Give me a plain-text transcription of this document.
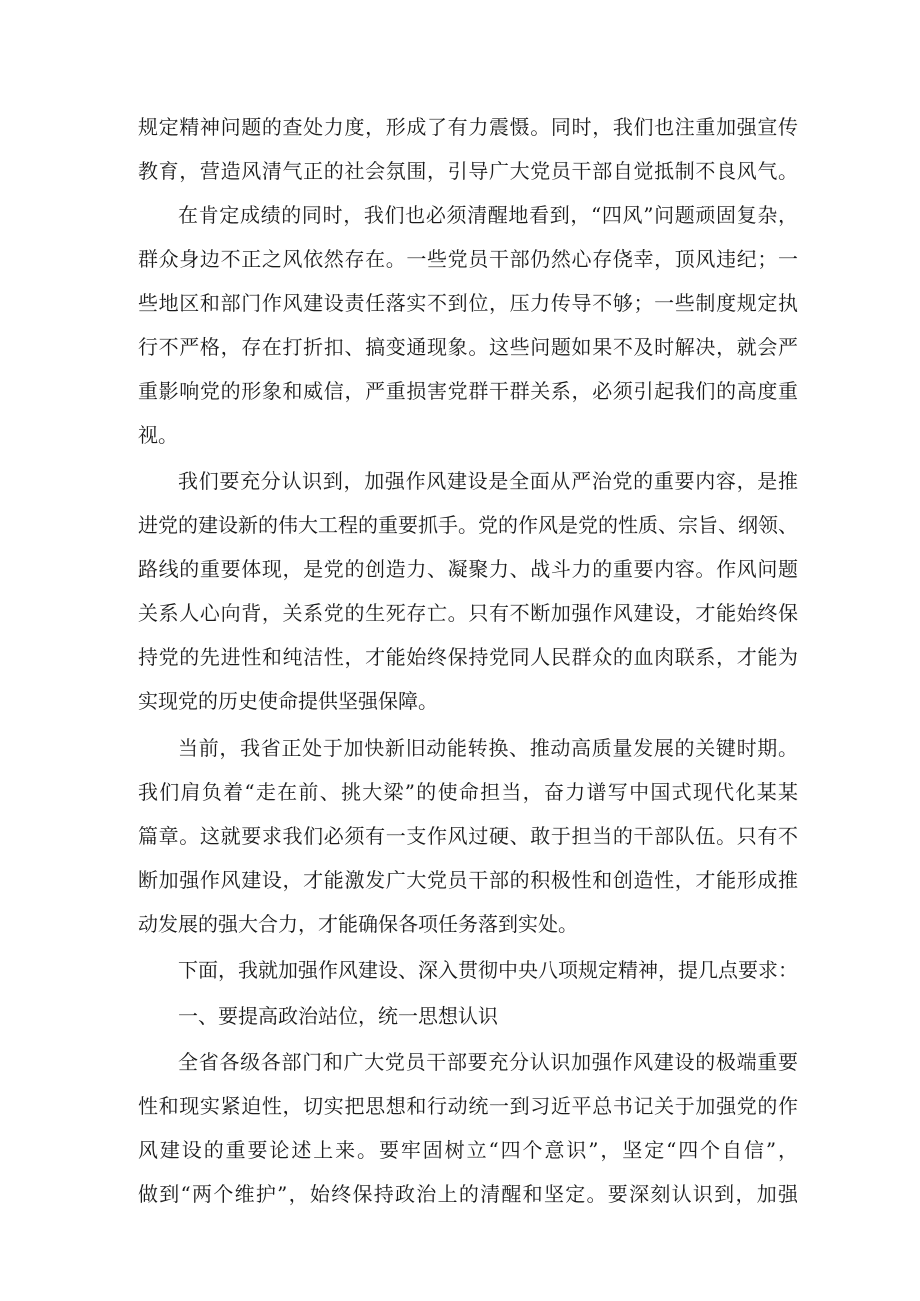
规定精神问题的查处力度，形成了有力震慑。同时，我们也注重加强宣传
教育，营造风清气正的社会氛围，引导广大党员干部自觉抵制不良风气。
在肯定成绩的同时，我们也必须清醒地看到，“四风”问题顽固复杂，
群众身边不正之风依然存在。一些党员干部仍然心存侥幸，顶风违纪；一
些地区和部门作风建设责任落实不到位，压力传导不够；一些制度规定执
行不严格，存在打折扣、搞变通现象。这些问题如果不及时解决，就会严
重影响党的形象和威信，严重损害党群干群关系，必须引起我们的高度重
视。
我们要充分认识到，加强作风建设是全面从严治党的重要内容，是推
进党的建设新的伟大工程的重要抓手。党的作风是党的性质、宗旨、纲领、
路线的重要体现，是党的创造力、凝聚力、战斗力的重要内容。作风问题
关系人心向背，关系党的生死存亡。只有不断加强作风建设，才能始终保
持党的先进性和纯洁性，才能始终保持党同人民群众的血肉联系，才能为
实现党的历史使命提供坚强保障。
当前，我省正处于加快新旧动能转换、推动高质量发展的关键时期。
我们肩负着“走在前、挑大梁”的使命担当，奋力谱写中国式现代化某某
篇章。这就要求我们必须有一支作风过硬、敢于担当的干部队伍。只有不
断加强作风建设，才能激发广大党员干部的积极性和创造性，才能形成推
动发展的强大合力，才能确保各项任务落到实处。
下面，我就加强作风建设、深入贯彻中央八项规定精神，提几点要求：
一、要提高政治站位，统一思想认识
全省各级各部门和广大党员干部要充分认识加强作风建设的极端重要
性和现实紧迫性，切实把思想和行动统一到习近平总书记关于加强党的作
风建设的重要论述上来。要牢固树立“四个意识”，坚定“四个自信”，
做到“两个维护”，始终保持政治上的清醒和坚定。要深刻认识到，加强
